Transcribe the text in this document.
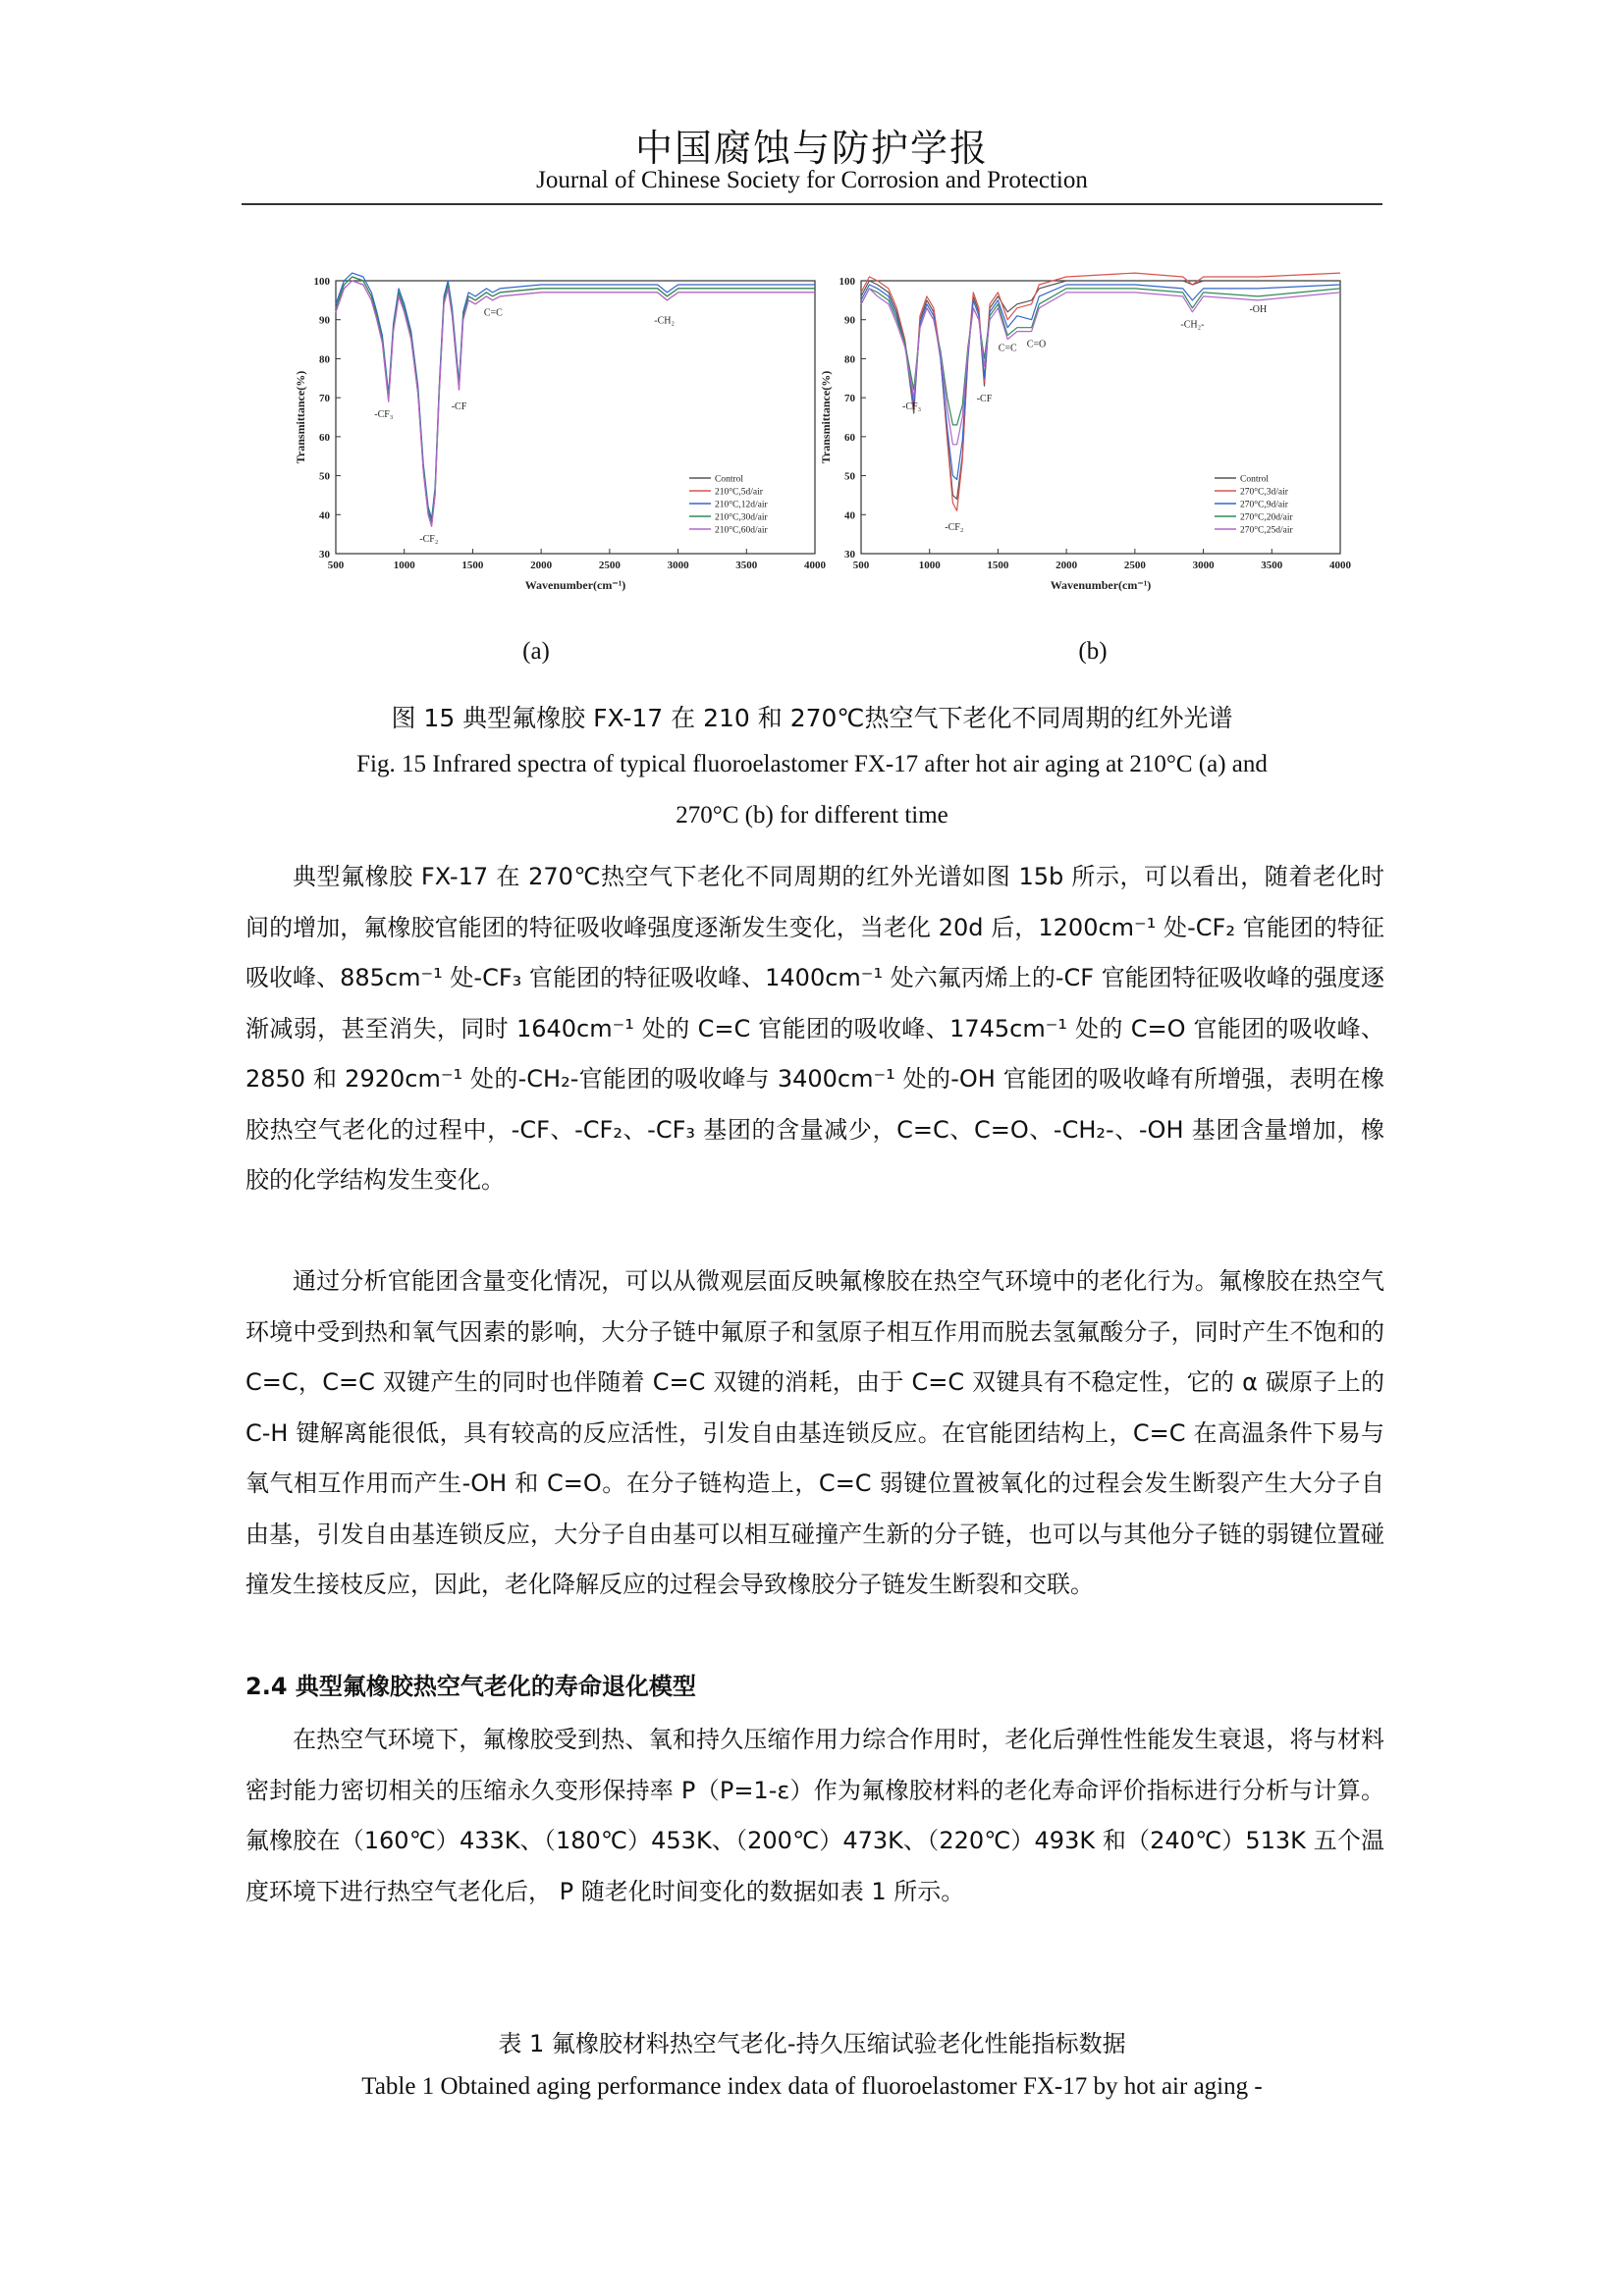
中国腐蚀与防护学报
Journal of Chinese Society for Corrosion and Protection
500	1000	1500	2000	2500	3000	3500	4000
30
40
50
60
70
80
90
100
Wavenumber(cm⁻¹)
Transmittance(%)	-CF₃
-CF₂
-CF
C=C
-CH₂
Control
210°C,5d/air
210°C,12d/air
210°C,30d/air
210°C,60d/air
500	1000	1500	2000	2500	3000	3500	4000
30
40
50
60
70
80
90
100
Wavenumber(cm⁻¹)
Transmittance(%)	-CF₃
-CF₂
-CF
C=C C=O
-CH₂-
-OH
Control
270°C,3d/air
270°C,9d/air
270°C,20d/air
270°C,25d/air
(a)	(b)
图 15 典型氟橡胶 FX-17 在 210 和 270℃热空气下老化不同周期的红外光谱
Fig. 15 Infrared spectra of typical fluoroelastomer FX-17 after hot air aging at 210°C (a) and
270°C (b) for different time

典型氟橡胶 FX-17 在 270℃热空气下老化不同周期的红外光谱如图 15b 所示，可以看出，随着老化时间的增加，氟橡胶官能团的特征吸收峰强度逐渐发生变化，当老化 20d 后，1200cm⁻¹ 处-CF₂ 官能团的特征吸收峰、885cm⁻¹ 处-CF₃ 官能团的特征吸收峰、1400cm⁻¹ 处六氟丙烯上的-CF 官能团特征吸收峰的强度逐渐减弱，甚至消失，同时 1640cm⁻¹ 处的 C=C 官能团的吸收峰、1745cm⁻¹ 处的 C=O 官能团的吸收峰、2850 和 2920cm⁻¹ 处的-CH₂-官能团的吸收峰与 3400cm⁻¹ 处的-OH 官能团的吸收峰有所增强，表明在橡胶热空气老化的过程中，-CF、-CF₂、-CF₃ 基团的含量减少，C=C、C=O、-CH₂-、-OH 基团含量增加，橡胶的化学结构发生变化。

通过分析官能团含量变化情况，可以从微观层面反映氟橡胶在热空气环境中的老化行为。氟橡胶在热空气环境中受到热和氧气因素的影响，大分子链中氟原子和氢原子相互作用而脱去氢氟酸分子，同时产生不饱和的 C=C，C=C 双键产生的同时也伴随着 C=C 双键的消耗，由于 C=C 双键具有不稳定性，它的 α 碳原子上的 C-H 键解离能很低，具有较高的反应活性，引发自由基连锁反应。在官能团结构上，C=C 在高温条件下易与氧气相互作用而产生-OH 和 C=O。在分子链构造上，C=C 弱键位置被氧化的过程会发生断裂产生大分子自由基，引发自由基连锁反应，大分子自由基可以相互碰撞产生新的分子链，也可以与其他分子链的弱键位置碰撞发生接枝反应，因此，老化降解反应的过程会导致橡胶分子链发生断裂和交联。

2.4 典型氟橡胶热空气老化的寿命退化模型

在热空气环境下，氟橡胶受到热、氧和持久压缩作用力综合作用时，老化后弹性性能发生衰退，将与材料密封能力密切相关的压缩永久变形保持率 P（P=1-ε）作为氟橡胶材料的老化寿命评价指标进行分析与计算。氟橡胶在（160℃）433K、（180℃）453K、（200℃）473K、（220℃）493K 和（240℃）513K 五个温度环境下进行热空气老化后， P 随老化时间变化的数据如表 1 所示。

表 1 氟橡胶材料热空气老化-持久压缩试验老化性能指标数据
Table 1 Obtained aging performance index data of fluoroelastomer FX-17 by hot air aging -
